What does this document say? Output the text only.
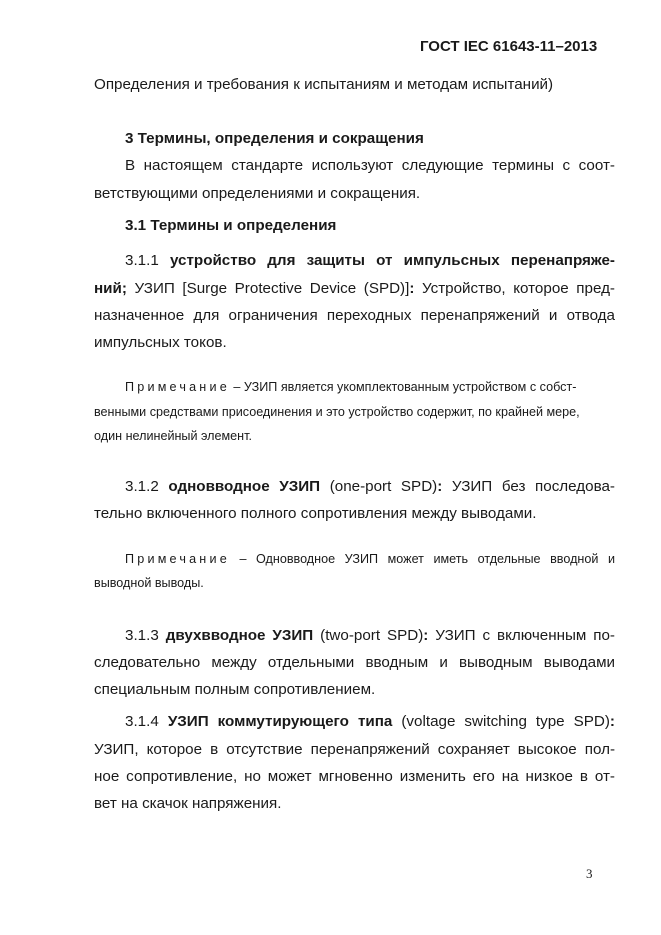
ГОСТ IEC 61643-11–2013
Определения и требования к испытаниям и методам испытаний)
3 Термины, определения и сокращения
В настоящем стандарте используют следующие термины с соот-
ветствующими определениями и сокращения.
3.1 Термины и определения
3.1.1 устройство для защиты от импульсных перенапряже-
ний; УЗИП [Surge Protective Device (SPD)]: Устройство, которое пред-
назначенное для ограничения переходных перенапряжений и отвода
импульсных токов.
Примечание – УЗИП является укомплектованным устройством с собст-
венными средствами присоединения и это устройство содержит, по крайней мере,
один нелинейный элемент.
3.1.2 одновводное УЗИП (one-port SPD): УЗИП без последова-
тельно включенного полного сопротивления между выводами.
Примечание – Одновводное УЗИП может иметь отдельные вводной и
выводной выводы.
3.1.3 двухвводное УЗИП (two-port SPD): УЗИП с включенным по-
следовательно между отдельными вводным и выводным выводами
специальным полным сопротивлением.
3.1.4 УЗИП коммутирующего типа (voltage switching type SPD):
УЗИП, которое в отсутствие перенапряжений сохраняет высокое пол-
ное сопротивление, но может мгновенно изменить его на низкое в от-
вет на скачок напряжения.
3
